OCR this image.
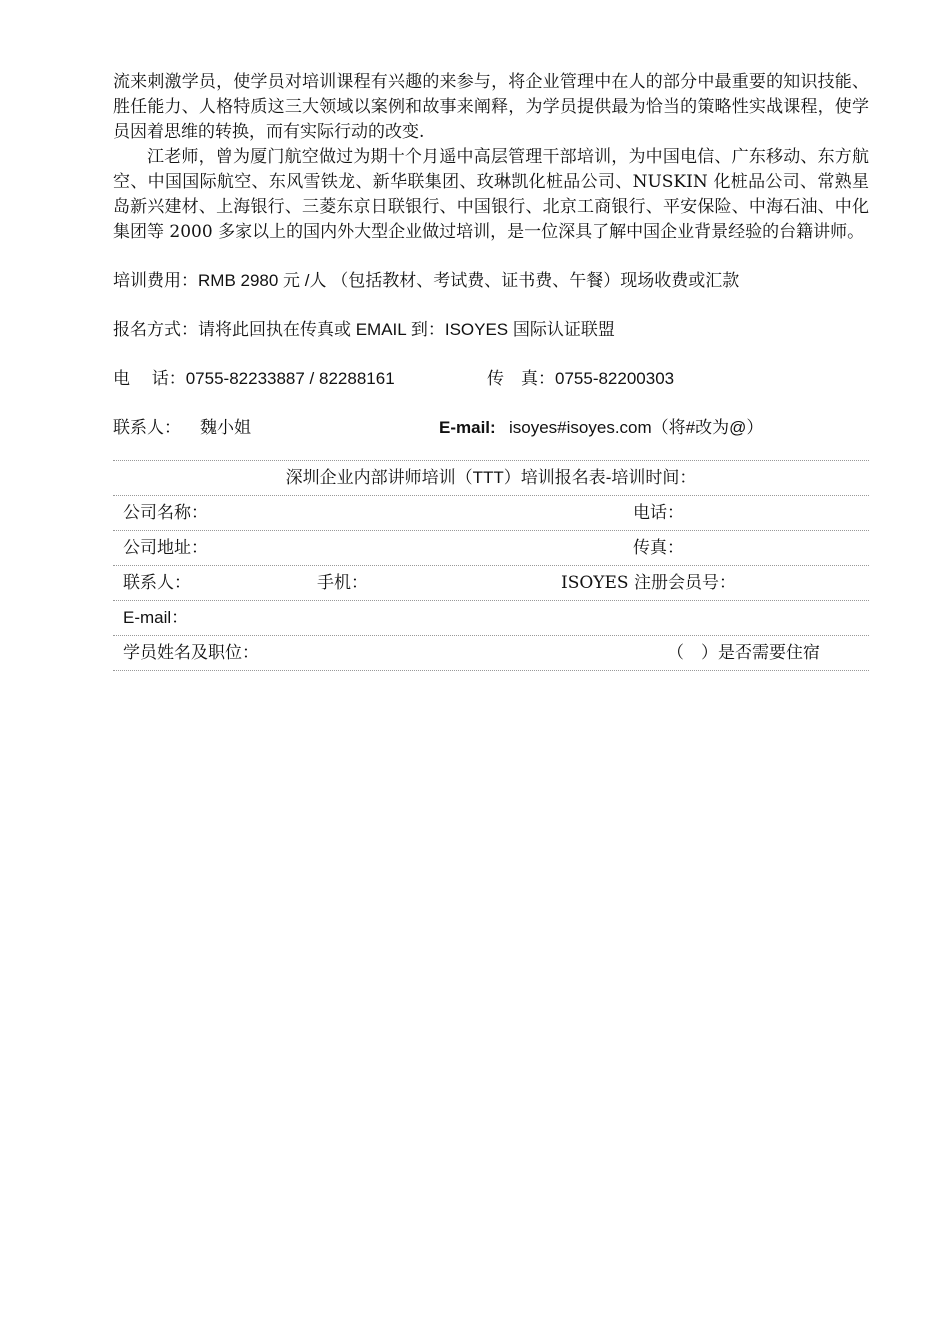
流来刺激学员，使学员对培训课程有兴趣的来参与，将企业管理中在人的部分中最重要的知识技能、胜任能力、人格特质这三大领域以案例和故事来阐释，为学员提供最为恰当的策略性实战课程，使学员因着思维的转换，而有实际行动的改变.

江老师，曾为厦门航空做过为期十个月遥中高层管理干部培训，为中国电信、广东移动、东方航空、中国国际航空、东风雪铁龙、新华联集团、玫琳凯化桩品公司、NUSKIN 化桩品公司、常熟星岛新兴建材、上海银行、三菱东京日联银行、中国银行、北京工商银行、平安保险、中海石油、中化集团等 2000 多家以上的国内外大型企业做过培训，是一位深具了解中国企业背景经验的台籍讲师。

培训费用：RMB 2980 元 /人 （包括教材、考试费、证书费、午餐）现场收费或汇款
报名方式：请将此回执在传真或 EMAIL 到：ISOYES 国际认证联盟
电　 话：0755-82233887 / 82288161	传　真：0755-82200303
联系人： 魏小姐	E-mail: isoyes#isoyes.com（将#改为@）
深圳企业内部讲师培训（TTT）培训报名表-培训时间：
公司名称：	电话：
公司地址：	传真：
联系人：	手机：	ISOYES 注册会员号：
E-mail：
学员姓名及职位：	（　）是否需要住宿
